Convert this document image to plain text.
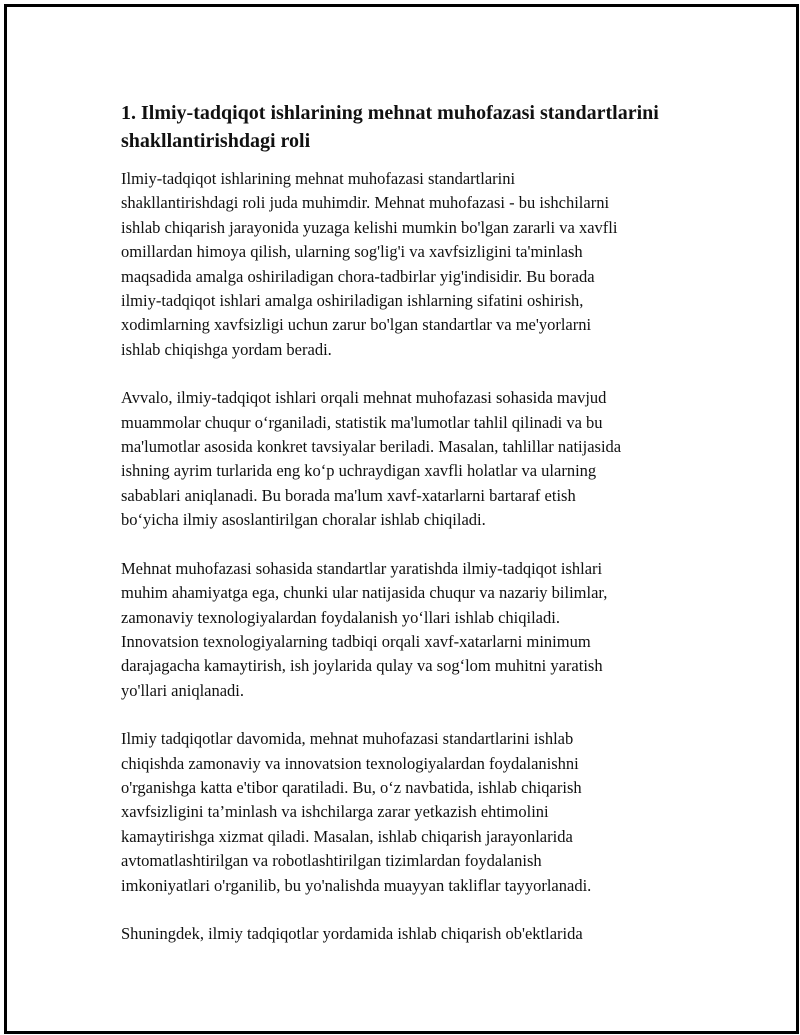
1. Ilmiy-tadqiqot ishlarining mehnat muhofazasi standartlarini
shakllantirishdagi roli
Ilmiy-tadqiqot ishlarining mehnat muhofazasi standartlarini
shakllantirishdagi roli juda muhimdir. Mehnat muhofazasi - bu ishchilarni
ishlab chiqarish jarayonida yuzaga kelishi mumkin bo'lgan zararli va xavfli
omillardan himoya qilish, ularning sog'lig'i va xavfsizligini ta'minlash
maqsadida amalga oshiriladigan chora-tadbirlar yig'indisidir. Bu borada
ilmiy-tadqiqot ishlari amalga oshiriladigan ishlarning sifatini oshirish,
xodimlarning xavfsizligi uchun zarur bo'lgan standartlar va me'yorlarni
ishlab chiqishga yordam beradi.
Avvalo, ilmiy-tadqiqot ishlari orqali mehnat muhofazasi sohasida mavjud
muammolar chuqur o‘rganiladi, statistik ma'lumotlar tahlil qilinadi va bu
ma'lumotlar asosida konkret tavsiyalar beriladi. Masalan, tahlillar natijasida
ishning ayrim turlarida eng ko‘p uchraydigan xavfli holatlar va ularning
sabablari aniqlanadi. Bu borada ma'lum xavf-xatarlarni bartaraf etish
bo‘yicha ilmiy asoslantirilgan choralar ishlab chiqiladi.
Mehnat muhofazasi sohasida standartlar yaratishda ilmiy-tadqiqot ishlari
muhim ahamiyatga ega, chunki ular natijasida chuqur va nazariy bilimlar,
zamonaviy texnologiyalardan foydalanish yo‘llari ishlab chiqiladi.
Innovatsion texnologiyalarning tadbiqi orqali xavf-xatarlarni minimum
darajagacha kamaytirish, ish joylarida qulay va sog‘lom muhitni yaratish
yo'llari aniqlanadi.
Ilmiy tadqiqotlar davomida, mehnat muhofazasi standartlarini ishlab
chiqishda zamonaviy va innovatsion texnologiyalardan foydalanishni
o'rganishga katta e'tibor qaratiladi. Bu, o‘z navbatida, ishlab chiqarish
xavfsizligini ta’minlash va ishchilarga zarar yetkazish ehtimolini
kamaytirishga xizmat qiladi. Masalan, ishlab chiqarish jarayonlarida
avtomatlashtirilgan va robotlashtirilgan tizimlardan foydalanish
imkoniyatlari o'rganilib, bu yo'nalishda muayyan takliflar tayyorlanadi.
Shuningdek, ilmiy tadqiqotlar yordamida ishlab chiqarish ob'ektlarida
